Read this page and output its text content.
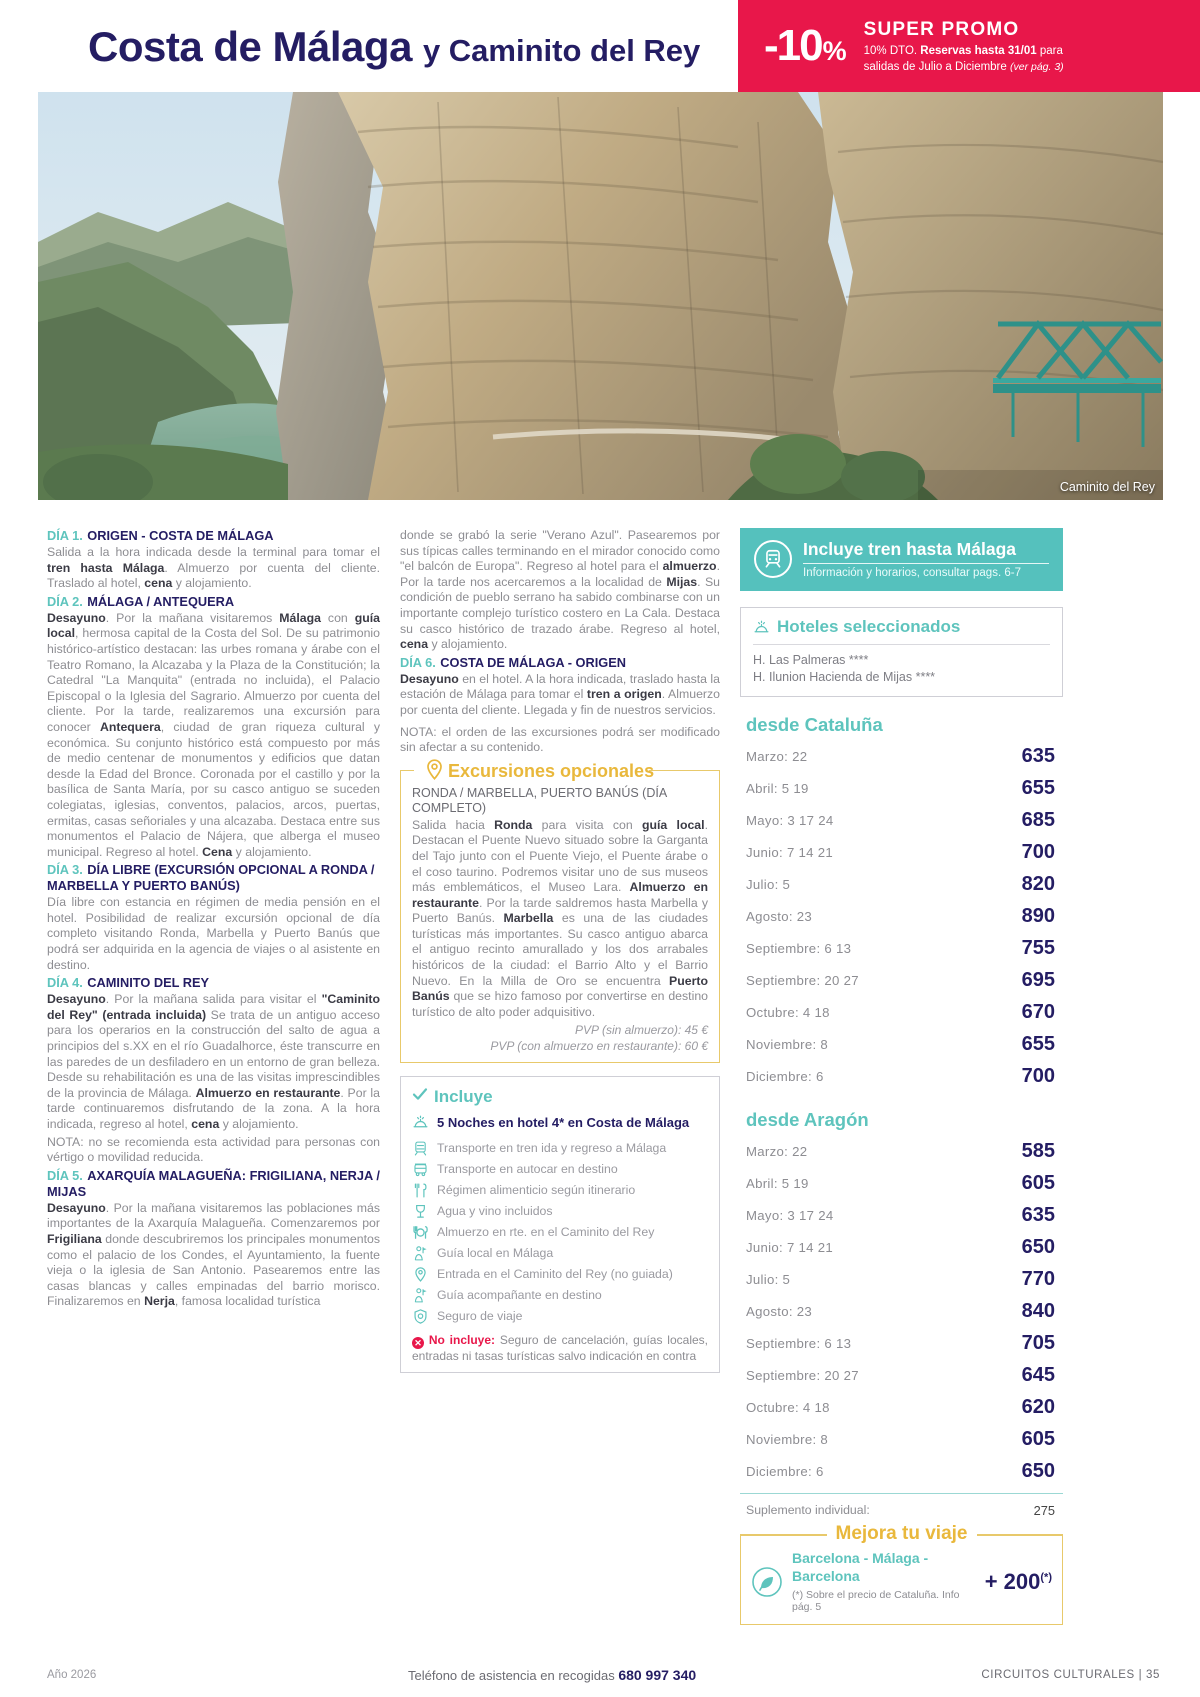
Costa de Málaga y Caminito del Rey -10 %
SUPER PROMO
10% DTO. Reservas hasta 31/01 para
salidas de Julio a Diciembre (ver pág. 3)
Caminito del Rey
DÍA 1. ORIGEN - COSTA DE MÁLAGA

Salida a la hora indicada desde la terminal para tomar el tren hasta Málaga. Almuerzo por cuenta del cliente. Traslado al hotel, cena y alojamiento.

DÍA 2. MÁLAGA / ANTEQUERA

Desayuno. Por la mañana visitaremos Málaga con guía local, hermosa capital de la Costa del Sol. De su patrimonio histórico-artístico destacan: las urbes romana y árabe con el Teatro Romano, la Alcazaba y la Plaza de la Constitución; la Catedral "La Manquita" (entrada no incluida), el Palacio Episcopal o la Iglesia del Sagrario. Almuerzo por cuenta del cliente. Por la tarde, realizaremos una excursión para conocer Antequera, ciudad de gran riqueza cultural y económica. Su conjunto histórico está compuesto por más de medio centenar de monumentos y edificios que datan desde la Edad del Bronce. Coronada por el castillo y por la basílica de Santa María, por su casco antiguo se suceden colegiatas, iglesias, conventos, palacios, arcos, puertas, ermitas, casas señoriales y una alcazaba. Destaca entre sus monumentos el Palacio de Nájera, que alberga el museo municipal. Regreso al hotel. Cena y alojamiento.

DÍA 3. DÍA LIBRE (EXCURSIÓN OPCIONAL A RONDA / MARBELLA Y PUERTO BANÚS)

Día libre con estancia en régimen de media pensión en el hotel. Posibilidad de realizar excursión opcional de día completo visitando Ronda, Marbella y Puerto Banús que podrá ser adquirida en la agencia de viajes o al asistente en destino.

DÍA 4. CAMINITO DEL REY

Desayuno. Por la mañana salida para visitar el "Caminito del Rey" (entrada incluida) Se trata de un antiguo acceso para los operarios en la construcción del salto de agua a principios del s.XX en el río Guadalhorce, éste transcurre en las paredes de un desfiladero en un entorno de gran belleza. Desde su rehabilitación es una de las visitas imprescindibles de la provincia de Málaga. Almuerzo en restaurante. Por la tarde continuaremos disfrutando de la zona. A la hora indicada, regreso al hotel, cena y alojamiento.

NOTA: no se recomienda esta actividad para personas con vértigo o movilidad reducida.

DÍA 5. AXARQUÍA MALAGUEÑA: FRIGILIANA, NERJA / MIJAS

Desayuno. Por la mañana visitaremos las poblaciones más importantes de la Axarquía Malagueña. Comenzaremos por Frigiliana donde descubriremos los principales monumentos como el palacio de los Condes, el Ayuntamiento, la fuente vieja o la iglesia de San Antonio. Pasearemos entre las casas blancas y calles empinadas del barrio morisco. Finalizaremos en Nerja, famosa localidad turística

donde se grabó la serie "Verano Azul". Pasearemos por sus típicas calles terminando en el mirador conocido como "el balcón de Europa". Regreso al hotel para el almuerzo. Por la tarde nos acercaremos a la localidad de Mijas. Su condición de pueblo serrano ha sabido combinarse con un importante complejo turístico costero en La Cala. Destaca su casco histórico de trazado árabe. Regreso al hotel, cena y alojamiento.

DÍA 6. COSTA DE MÁLAGA - ORIGEN

Desayuno en el hotel. A la hora indicada, traslado hasta la estación de Málaga para tomar el tren a origen. Almuerzo por cuenta del cliente. Llegada y fin de nuestros servicios.

NOTA: el orden de las excursiones podrá ser modificado sin afectar a su contenido.

Excursiones opcionales
RONDA / MARBELLA, PUERTO BANÚS (DÍA COMPLETO)

Salida hacia Ronda para visita con guía local. Destacan el Puente Nuevo situado sobre la Garganta del Tajo junto con el Puente Viejo, el Puente árabe o el coso taurino. Podremos visitar uno de sus museos más emblemáticos, el Museo Lara. Almuerzo en restaurante. Por la tarde saldremos hasta Marbella y Puerto Banús. Marbella es una de las ciudades turísticas más importantes. Su casco antiguo abarca el antiguo recinto amurallado y los dos arrabales históricos de la ciudad: el Barrio Alto y el Barrio Nuevo. En la Milla de Oro se encuentra Puerto Banús que se hizo famoso por convertirse en destino turístico de alto poder adquisitivo.

PVP (sin almuerzo): 45 €
PVP (con almuerzo en restaurante): 60 €
Incluye
5 Noches en hotel 4* en Costa de Málaga
Transporte en tren ida y regreso a Málaga
Transporte en autocar en destino
Régimen alimenticio según itinerario
Agua y vino incluidos
Almuerzo en rte. en el Caminito del Rey
Guía local en Málaga
Entrada en el Caminito del Rey (no guiada)
Guía acompañante en destino
Seguro de viaje
✕ No incluye: Seguro de cancelación, guías locales, entradas ni tasas turísticas salvo indicación en contra
Incluye tren hasta Málaga
Información y horarios, consultar pags. 6-7
Hoteles seleccionados
H. Las Palmeras ****
H. Ilunion Hacienda de Mijas ****
desde Cataluña
Marzo: 22	635
Abril: 5 19	655
Mayo: 3 17 24	685
Junio: 7 14 21	700
Julio: 5	820
Agosto: 23	890
Septiembre: 6 13	755
Septiembre: 20 27	695
Octubre: 4 18	670
Noviembre: 8	655
Diciembre: 6	700
desde Aragón
Marzo: 22	585
Abril: 5 19	605
Mayo: 3 17 24	635
Junio: 7 14 21	650
Julio: 5	770
Agosto: 23	840
Septiembre: 6 13	705
Septiembre: 20 27	645
Octubre: 4 18	620
Noviembre: 8	605
Diciembre: 6	650
Suplemento individual:	275
Mejora tu viaje
Barcelona - Málaga - Barcelona
(*) Sobre el precio de Cataluña. Info pág. 5
+ 200(*)
Año 2026	Teléfono de asistencia en recogidas 680 997 340	CIRCUITOS CULTURALES | 35
